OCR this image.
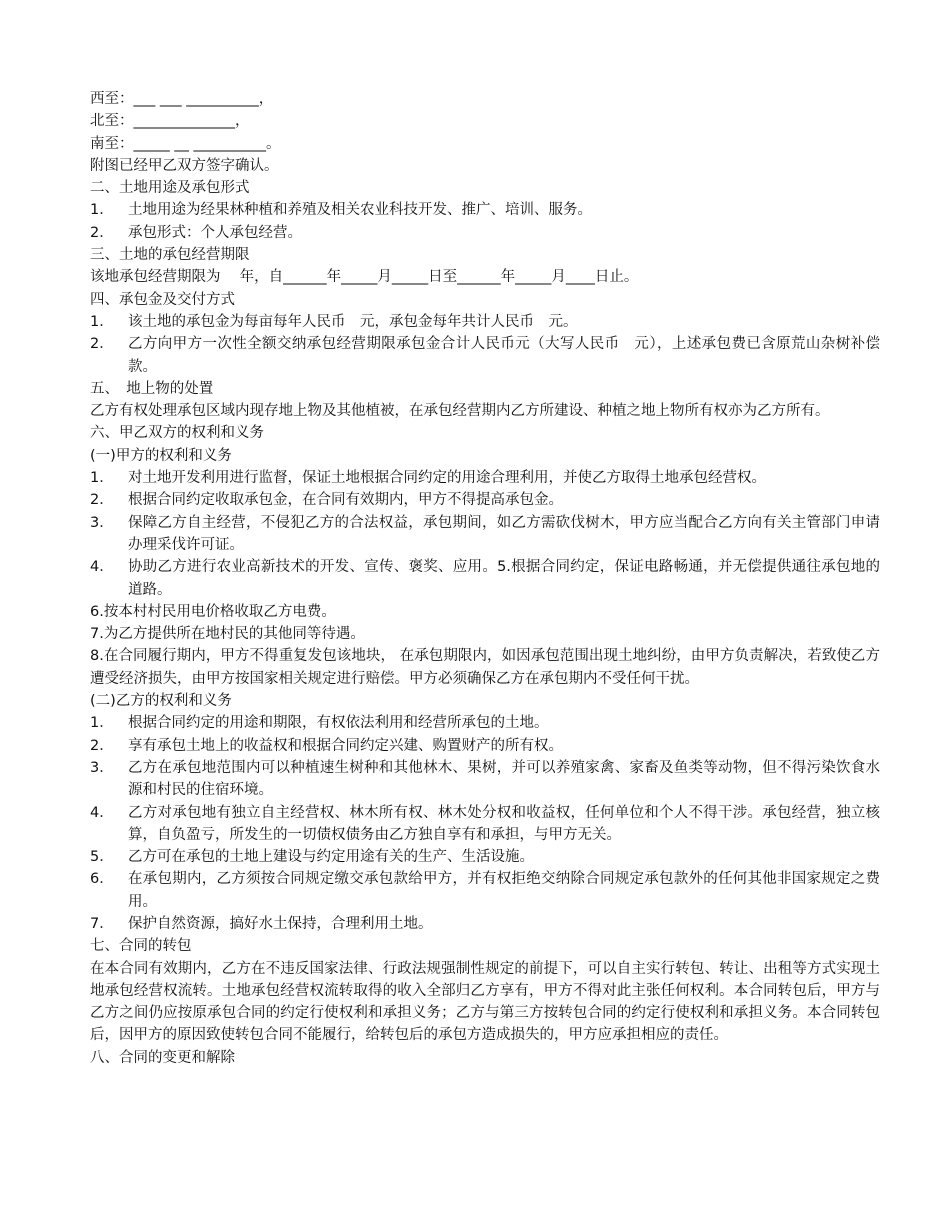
西至：___ ___ __________，
北至：______________，
南至：_____ __ __________。
附图已经甲乙双方签字确认。
二、土地用途及承包形式
1． 土地用途为经果林种植和养殖及相关农业科技开发、推广、培训、服务。
2． 承包形式：个人承包经营。
三、土地的承包经营期限
该地承包经营期限为　 年，自______年_____月_____日至______年_____月____日止。
四、承包金及交付方式
1． 该土地的承包金为每亩每年人民币　元，承包金每年共计人民币　元。
2． 乙方向甲方一次性全额交纳承包经营期限承包金合计人民币元（大写人民币　元），上述承包费已含原荒山杂树补偿款。
五、　地上物的处置
乙方有权处理承包区域内现存地上物及其他植被，在承包经营期内乙方所建设、种植之地上物所有权亦为乙方所有。
六、甲乙双方的权利和义务
(一)甲方的权利和义务
1． 对土地开发利用进行监督，保证土地根据合同约定的用途合理利用，并使乙方取得土地承包经营权。
2． 根据合同约定收取承包金，在合同有效期内，甲方不得提高承包金。
3． 保障乙方自主经营，不侵犯乙方的合法权益，承包期间，如乙方需砍伐树木，甲方应当配合乙方向有关主管部门申请办理采伐许可证。
4． 协助乙方进行农业高新技术的开发、宣传、褒奖、应用。5.根据合同约定，保证电路畅通，并无偿提供通往承包地的道路。
6.按本村村民用电价格收取乙方电费。
7.为乙方提供所在地村民的其他同等待遇。
8.在合同履行期内，甲方不得重复发包该地块， 在承包期限内，如因承包范围出现土地纠纷，由甲方负责解决，若致使乙方遭受经济损失，由甲方按国家相关规定进行赔偿。甲方必须确保乙方在承包期内不受任何干扰。
(二)乙方的权利和义务
1． 根据合同约定的用途和期限，有权依法利用和经营所承包的土地。
2． 享有承包土地上的收益权和根据合同约定兴建、购置财产的所有权。
3． 乙方在承包地范围内可以种植速生树种和其他林木、果树，并可以养殖家禽、家畜及鱼类等动物，但不得污染饮食水源和村民的住宿环境。
4． 乙方对承包地有独立自主经营权、林木所有权、林木处分权和收益权，任何单位和个人不得干涉。承包经营，独立核算，自负盈亏，所发生的一切债权债务由乙方独自享有和承担，与甲方无关。
5． 乙方可在承包的土地上建设与约定用途有关的生产、生活设施。
6． 在承包期内，乙方须按合同规定缴交承包款给甲方，并有权拒绝交纳除合同规定承包款外的任何其他非国家规定之费用。
7． 保护自然资源，搞好水土保持，合理利用土地。
七、合同的转包
在本合同有效期内，乙方在不违反国家法律、行政法规强制性规定的前提下，可以自主实行转包、转让、出租等方式实现土地承包经营权流转。土地承包经营权流转取得的收入全部归乙方享有，甲方不得对此主张任何权利。本合同转包后，甲方与乙方之间仍应按原承包合同的约定行使权利和承担义务；乙方与第三方按转包合同的约定行使权利和承担义务。本合同转包后，因甲方的原因致使转包合同不能履行，给转包后的承包方造成损失的，甲方应承担相应的责任。
八、合同的变更和解除
